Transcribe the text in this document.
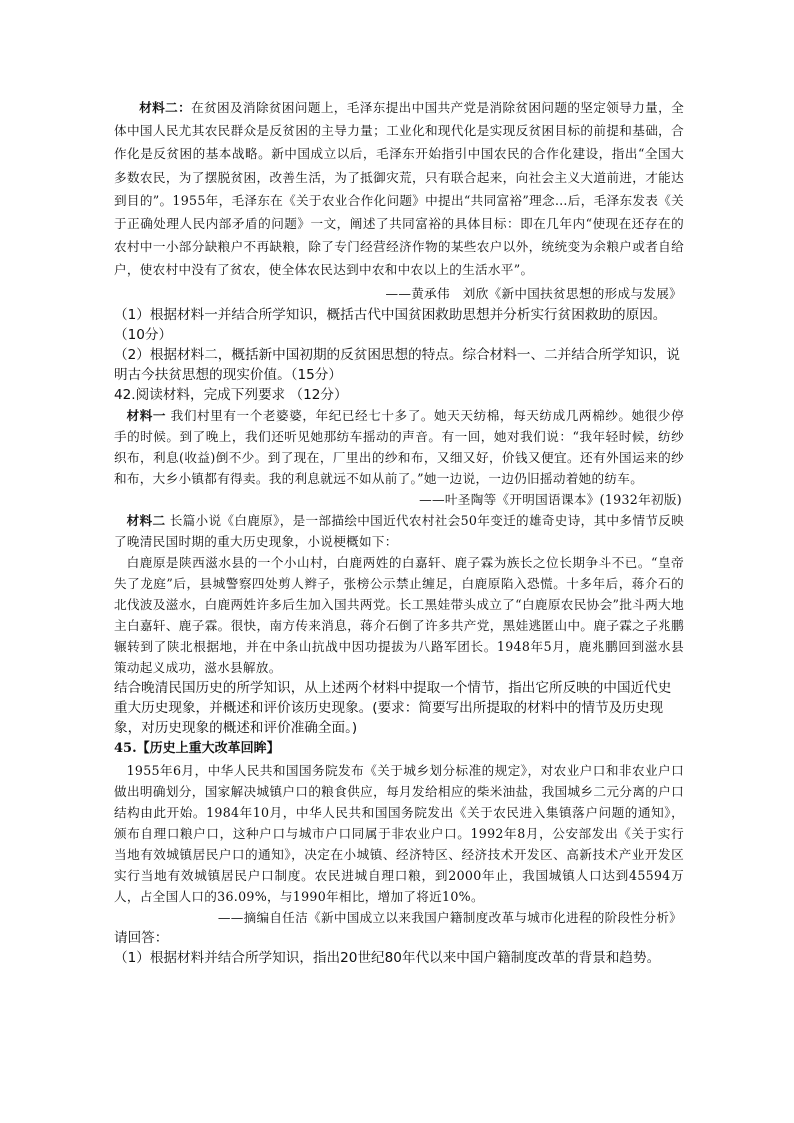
材料二：在贫困及消除贫困问题上，毛泽东提出中国共产党是消除贫困问题的坚定领导力量，全体中国人民尤其农民群众是反贫困的主导力量；工业化和现代化是实现反贫困目标的前提和基础，合作化是反贫困的基本战略。新中国成立以后，毛泽东开始指引中国农民的合作化建设，指出“全国大多数农民，为了摆脱贫困，改善生活，为了抵御灾荒，只有联合起来，向社会主义大道前进，才能达到目的”。1955年，毛泽东在《关于农业合作化问题》中提出“共同富裕”理念…后，毛泽东发表《关于正确处理人民内部矛盾的问题》一文，阐述了共同富裕的具体目标：即在几年内“使现在还存在的农村中一小部分缺粮户不再缺粮，除了专门经营经济作物的某些农户以外，统统变为余粮户或者自给户，使农村中没有了贫农，使全体农民达到中农和中农以上的生活水平”。

——黄承伟　刘欣《新中国扶贫思想的形成与发展》

（1）根据材料一并结合所学知识，概括古代中国贫困救助思想并分析实行贫困救助的原因。（10分）

（2）根据材料二，概括新中国初期的反贫困思想的特点。综合材料一、二并结合所学知识，说明古今扶贫思想的现实价值。（15分）

42.阅读材料，完成下列要求 （12分）

材料一 我们村里有一个老婆婆，年纪已经七十多了。她天天纺棉，每天纺成几两棉纱。她很少停手的时候。到了晚上，我们还听见她那纺车摇动的声音。有一回，她对我们说：“我年轻时候，纺纱织布，利息(收益)倒不少。到了现在，厂里出的纱和布，又细又好，价钱又便宜。还有外国运来的纱和布，大乡小镇都有得卖。我的利息就远不如从前了。”她一边说，一边仍旧摇动着她的纺车。

——叶圣陶等《开明国语课本》(1932年初版)

材料二 长篇小说《白鹿原》，是一部描绘中国近代农村社会50年变迁的雄奇史诗，其中多情节反映了晚清民国时期的重大历史现象，小说梗概如下：

白鹿原是陕西滋水县的一个小山村，白鹿两姓的白嘉轩、鹿子霖为族长之位长期争斗不已。“皇帝失了龙庭”后，县城警察四处剪人辫子，张榜公示禁止缠足，白鹿原陷入恐慌。十多年后，蒋介石的北伐波及滋水，白鹿两姓许多后生加入国共两党。长工黑娃带头成立了“白鹿原农民协会”批斗两大地主白嘉轩、鹿子霖。很快，南方传来消息，蒋介石倒了许多共产党，黑娃逃匿山中。鹿子霖之子兆鹏辗转到了陕北根据地，并在中条山抗战中因功提拔为八路军团长。1948年5月，鹿兆鹏回到滋水县策动起义成功，滋水县解放。

结合晚清民国历史的所学知识，从上述两个材料中提取一个情节，指出它所反映的中国近代史重大历史现象，并概述和评价该历史现象。(要求：简要写出所提取的材料中的情节及历史现象，对历史现象的概述和评价准确全面。)

45.【历史上重大改革回眸】

1955年6月，中华人民共和国国务院发布《关于城乡划分标准的规定》，对农业户口和非农业户口做出明确划分，国家解决城镇户口的粮食供应，每月发给相应的柴米油盐，我国城乡二元分离的户口结构由此开始。1984年10月，中华人民共和国国务院发出《关于农民进入集镇落户问题的通知》，颁布自理口粮户口，这种户口与城市户口同属于非农业户口。1992年8月，公安部发出《关于实行当地有效城镇居民户口的通知》，决定在小城镇、经济特区、经济技术开发区、高新技术产业开发区实行当地有效城镇居民户口制度。农民进城自理口粮，到2000年止，我国城镇人口达到45594万人，占全国人口的36.09%，与1990年相比，增加了将近10%。

——摘编自任洁《新中国成立以来我国户籍制度改革与城市化进程的阶段性分析》

请回答：

（1）根据材料并结合所学知识，指出20世纪80年代以来中国户籍制度改革的背景和趋势。
